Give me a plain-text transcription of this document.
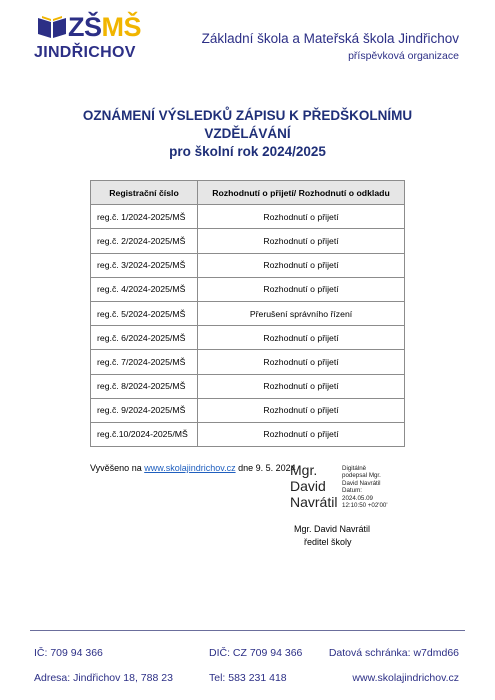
ZŠMŠ
JINDŘICHOV
Základní škola a Mateřská škola Jindřichov
příspěvková organizace
OZNÁMENÍ VÝSLEDKŮ ZÁPISU K PŘEDŠKOLNÍMU
VZDĚLÁVÁNÍ
pro školní rok 2024/2025
Registrační číslo	Rozhodnutí o přijetí/ Rozhodnutí o odkladu
reg.č. 1/2024-2025/MŠ	Rozhodnutí o přijetí
reg.č. 2/2024-2025/MŠ	Rozhodnutí o přijetí
reg.č. 3/2024-2025/MŠ	Rozhodnutí o přijetí
reg.č. 4/2024-2025/MŠ	Rozhodnutí o přijetí
reg.č. 5/2024-2025/MŠ	Přerušení správního řízení
reg.č. 6/2024-2025/MŠ	Rozhodnutí o přijetí
reg.č. 7/2024-2025/MŠ	Rozhodnutí o přijetí
reg.č. 8/2024-2025/MŠ	Rozhodnutí o přijetí
reg.č. 9/2024-2025/MŠ	Rozhodnutí o přijetí
reg.č.10/2024-2025/MŠ	Rozhodnutí o přijetí
Vyvěšeno na www.skolajindrichov.cz dne 9. 5. 2024
Mgr.
David
Navrátil
Digitálně
podepsal Mgr.
David Navrátil
Datum:
2024.05.09
12:10:50 +02'00'
Mgr. David Navrátil
ředitel školy
IČ: 709 94 366	DIČ: CZ 709 94 366	Datová schránka: w7dmd66
Adresa: Jindřichov 18, 788 23	Tel: 583 231 418	www.skolajindrichov.cz
